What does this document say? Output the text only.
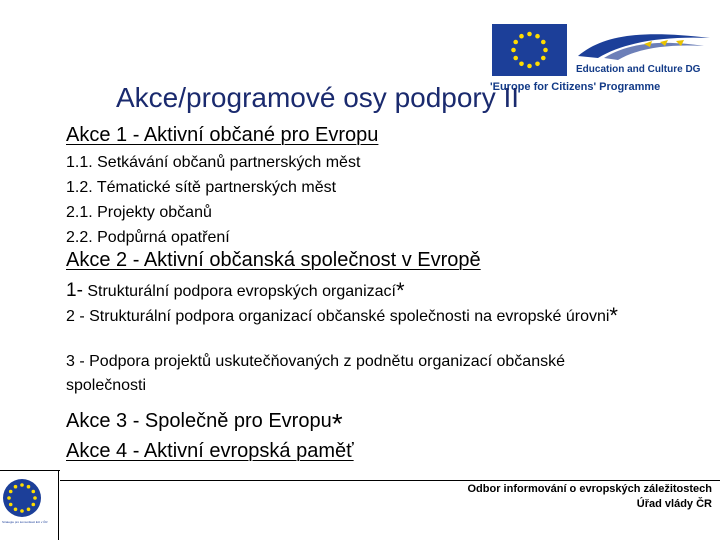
Education and Culture DG
'Europe for Citizens' Programme
Akce/programové osy podpory II
Akce 1 - Aktivní občané pro Evropu
1.1. Setkávání občanů partnerských měst
1.2. Tématické sítě partnerských měst
2.1. Projekty občanů
2.2. Podpůrná opatření
Akce 2 - Aktivní občanská společnost v Evropě
1- Strukturální podpora evropských organizací*
2 - Strukturální podpora organizací občanské společnosti na evropské úrovni*
3 - Podpora projektů uskutečňovaných z podnětu organizací občanské společnosti
Akce 3 - Společně pro Evropu*
Akce 4 - Aktivní evropská paměť
Strategie pro komunikaci EU v ČR
Odbor informování o evropských záležitostech
Úřad vlády ČR
